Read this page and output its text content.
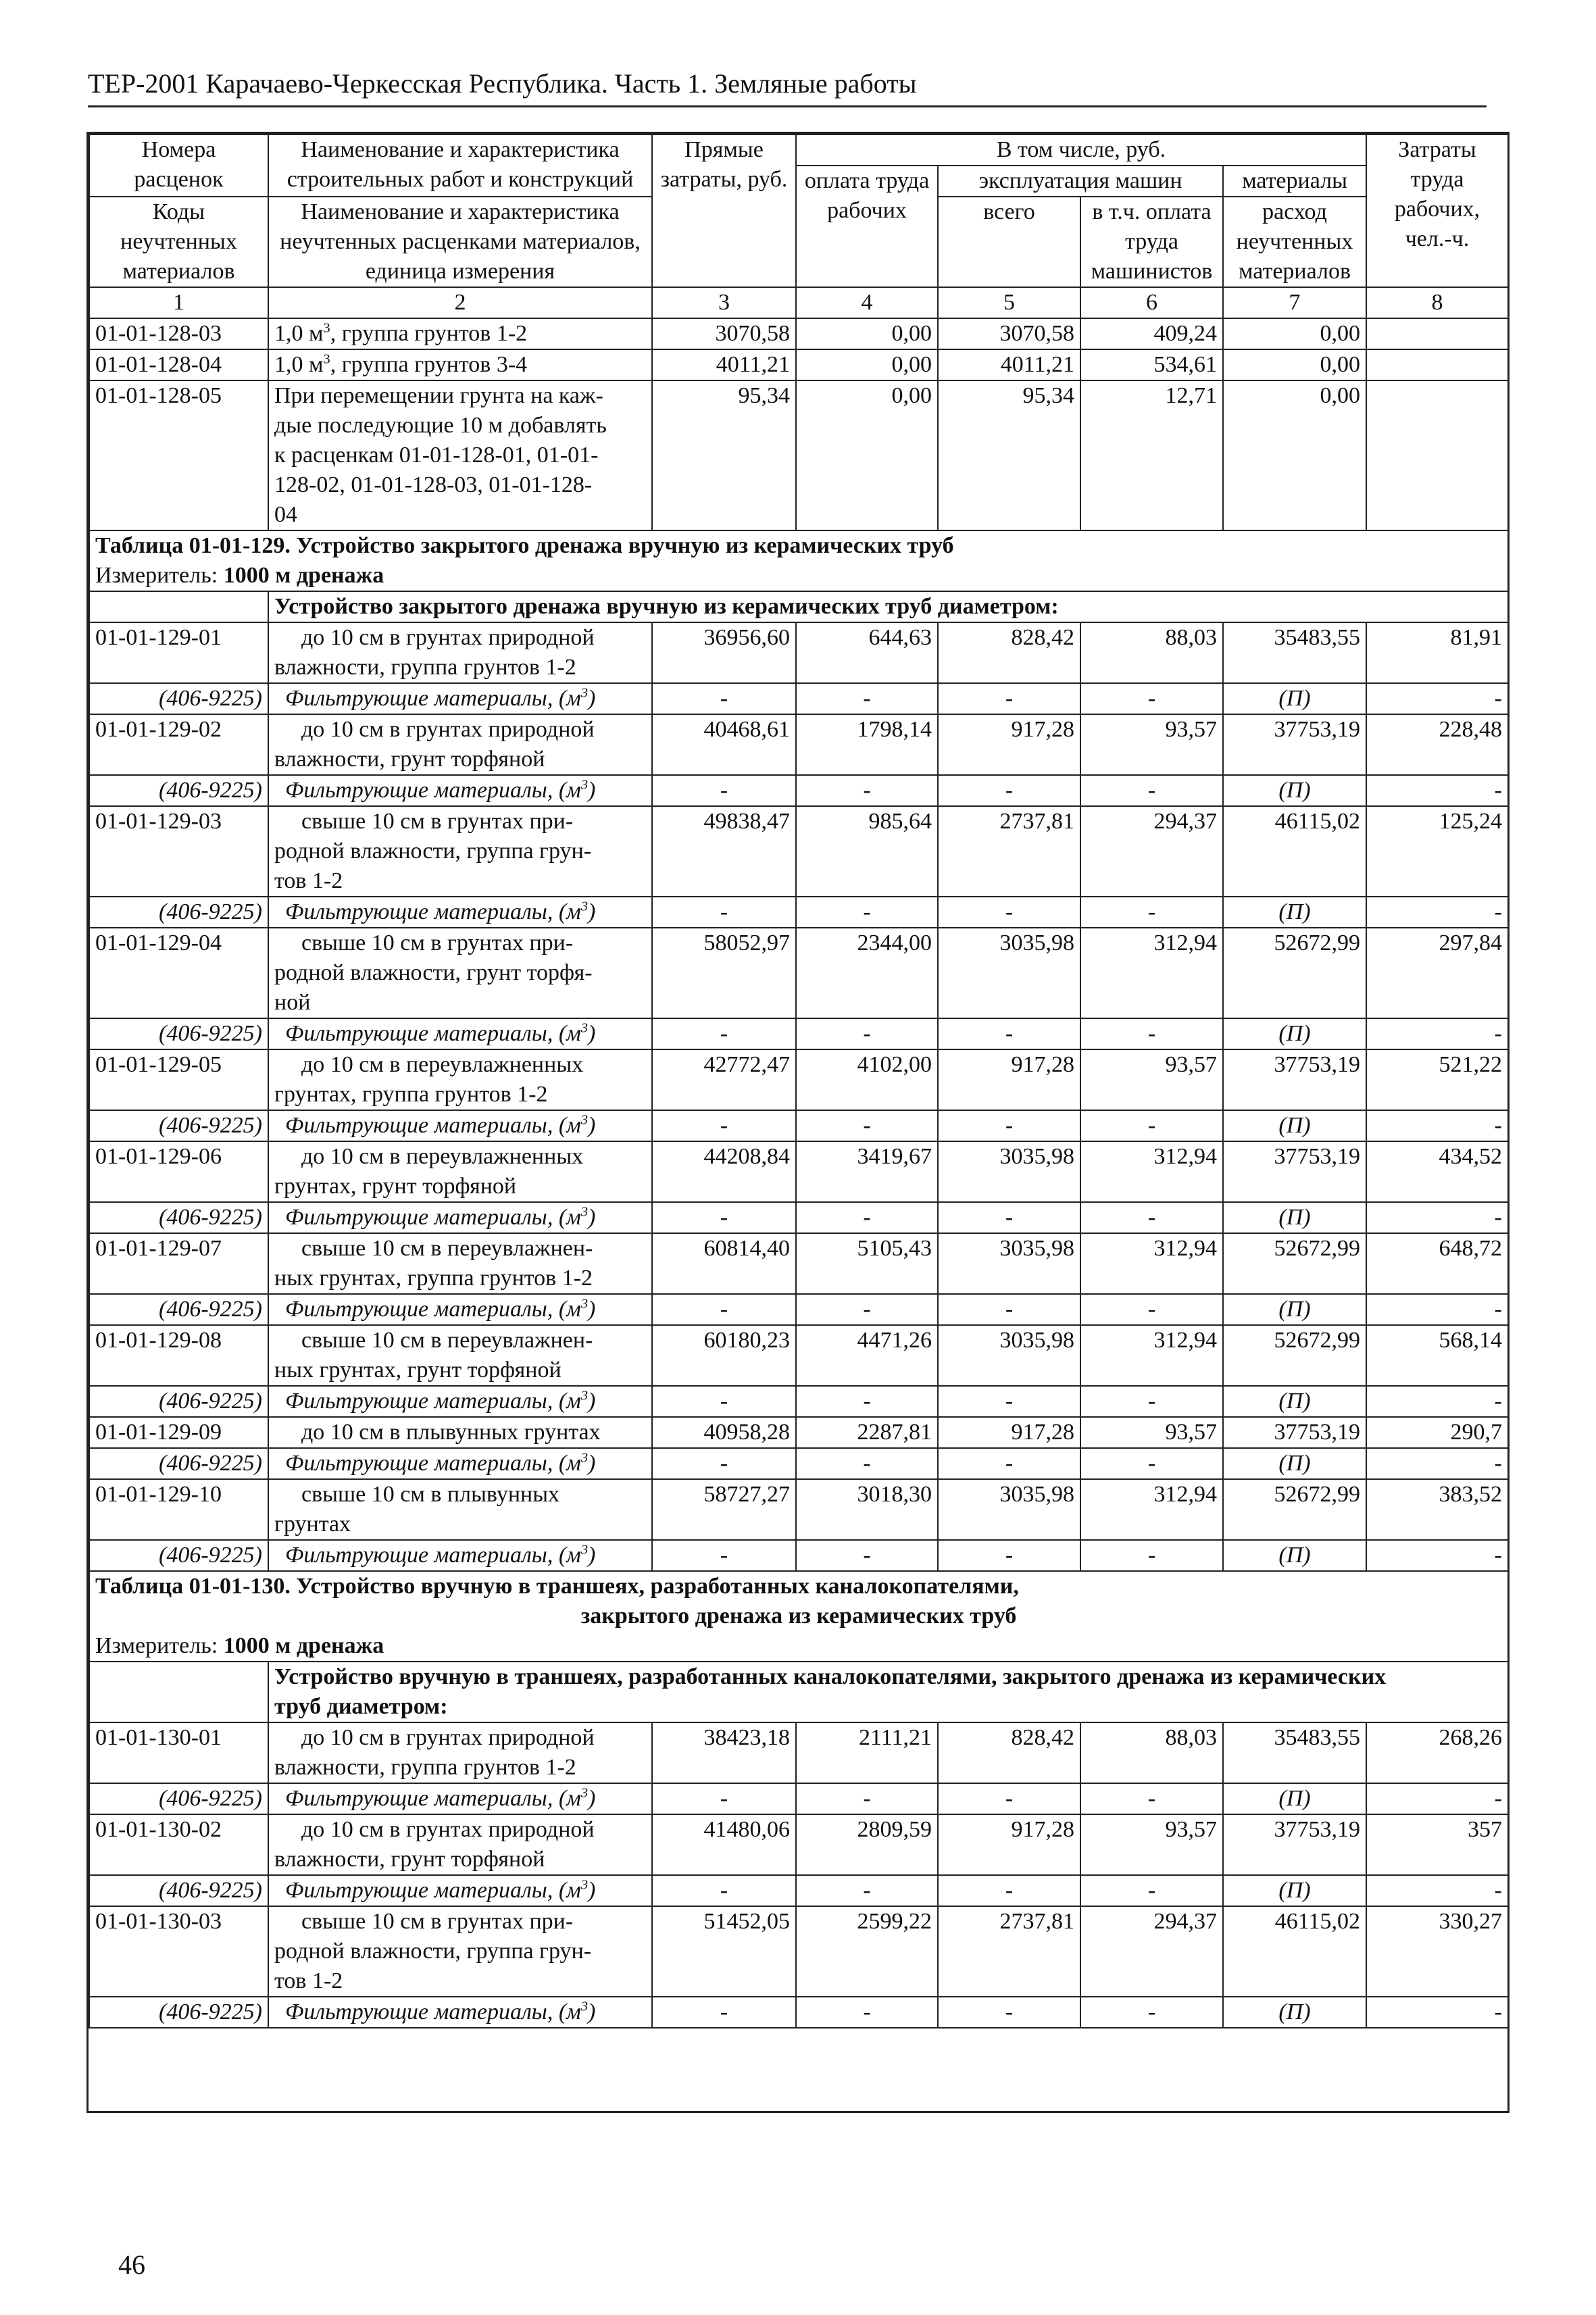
ТЕР-2001 Карачаево-Черкесская Республика. Часть 1. Земляные работы
Номера расценок	Наименование и характеристика строительных работ и конструкций	Прямые затраты, руб.	В том числе, руб.				Затраты труда рабочих, чел.-ч.
			оплата труда рабочих	эксплуатация машин		материалы	
Коды неучтенных материалов	Наименование и характеристика неучтенных расценками материалов, единица измерения			всего	в т.ч. оплата труда машинистов	расход неучтенных материалов	

1	2	3	4	5	6	7	8
01-01-128-03	1,0 $м^3$, группа грунтов 1-2	3070,58	0,00	3070,58	409,24	0,00	
01-01-128-04	1,0 $м^3$, группа грунтов 3-4	4011,21	0,00	4011,21	534,61	0,00	
01-01-128-05	При перемещении грунта на каж-
дые последующие 10 м добавлять
к расценкам 01-01-128-01, 01-01-
128-02, 01-01-128-03, 01-01-128-
04	95,34	0,00	95,34	12,71	0,00	
Таблица 01-01-129. Устройство закрытого дренажа вручную из керамических труб							
Измеритель: 1000 м дренажа							
	Устройство закрытого дренажа вручную из керамических труб диаметром:						
01-01-129-01	до 10 см в грунтах природной
влажности, группа грунтов 1-2	36956,60	644,63	828,42	88,03	35483,55	81,91
(406-9225)	Фильтрующие материалы, $(м^3)$	-	-	-	-	(П)	-
01-01-129-02	до 10 см в грунтах природной
влажности, грунт торфяной	40468,61	1798,14	917,28	93,57	37753,19	228,48
(406-9225)	Фильтрующие материалы, $(м^3)$	-	-	-	-	(П)	-
01-01-129-03	свыше 10 см в грунтах при-
родной влажности, группа грун-
тов 1-2	49838,47	985,64	2737,81	294,37	46115,02	125,24
(406-9225)	Фильтрующие материалы, $(м^3)$	-	-	-	-	(П)	-
01-01-129-04	свыше 10 см в грунтах при-
родной влажности, грунт торфя-
ной	58052,97	2344,00	3035,98	312,94	52672,99	297,84
(406-9225)	Фильтрующие материалы, $(м^3)$	-	-	-	-	(П)	-
01-01-129-05	до 10 см в переувлажненных
грунтах, группа грунтов 1-2	42772,47	4102,00	917,28	93,57	37753,19	521,22
(406-9225)	Фильтрующие материалы, $(м^3)$	-	-	-	-	(П)	-
01-01-129-06	до 10 см в переувлажненных
грунтах, грунт торфяной	44208,84	3419,67	3035,98	312,94	37753,19	434,52
(406-9225)	Фильтрующие материалы, $(м^3)$	-	-	-	-	(П)	-
01-01-129-07	свыше 10 см в переувлажнен-
ных грунтах, группа грунтов 1-2	60814,40	5105,43	3035,98	312,94	52672,99	648,72
(406-9225)	Фильтрующие материалы, $(м^3)$	-	-	-	-	(П)	-
01-01-129-08	свыше 10 см в переувлажнен-
ных грунтах, грунт торфяной	60180,23	4471,26	3035,98	312,94	52672,99	568,14
(406-9225)	Фильтрующие материалы, $(м^3)$	-	-	-	-	(П)	-
01-01-129-09	до 10 см в плывунных грунтах	40958,28	2287,81	917,28	93,57	37753,19	290,7
(406-9225)	Фильтрующие материалы, $(м^3)$	-	-	-	-	(П)	-
01-01-129-10	свыше 10 см в плывунных
грунтах	58727,27	3018,30	3035,98	312,94	52672,99	383,52
(406-9225)	Фильтрующие материалы, $(м^3)$	-	-	-	-	(П)	-

Таблица 01-01-130. Устройство вручную в траншеях, разработанных каналокопателями,
закрытого дренажа из керамических труб							

Измеритель: 1000 м дренажа							

	Устройство вручную в траншеях, разработанных каналокопателями, закрытого дренажа из керамических
труб диаметром:						

01-01-130-01	до 10 см в грунтах природной
влажности, группа грунтов 1-2	38423,18	2111,21	828,42	88,03	35483,55	268,26
(406-9225)	Фильтрующие материалы, $(м^3)$	-	-	-	-	(П)	-
01-01-130-02	до 10 см в грунтах природной
влажности, грунт торфяной	41480,06	2809,59	917,28	93,57	37753,19	357
(406-9225)	Фильтрующие материалы, $(м^3)$	-	-	-	-	(П)	-
01-01-130-03	свыше 10 см в грунтах при-
родной влажности, группа грун-
тов 1-2	51452,05	2599,22	2737,81	294,37	46115,02	330,27
(406-9225)	Фильтрующие материалы, $(м^3)$	-	-	-	-	(П)	-
46
